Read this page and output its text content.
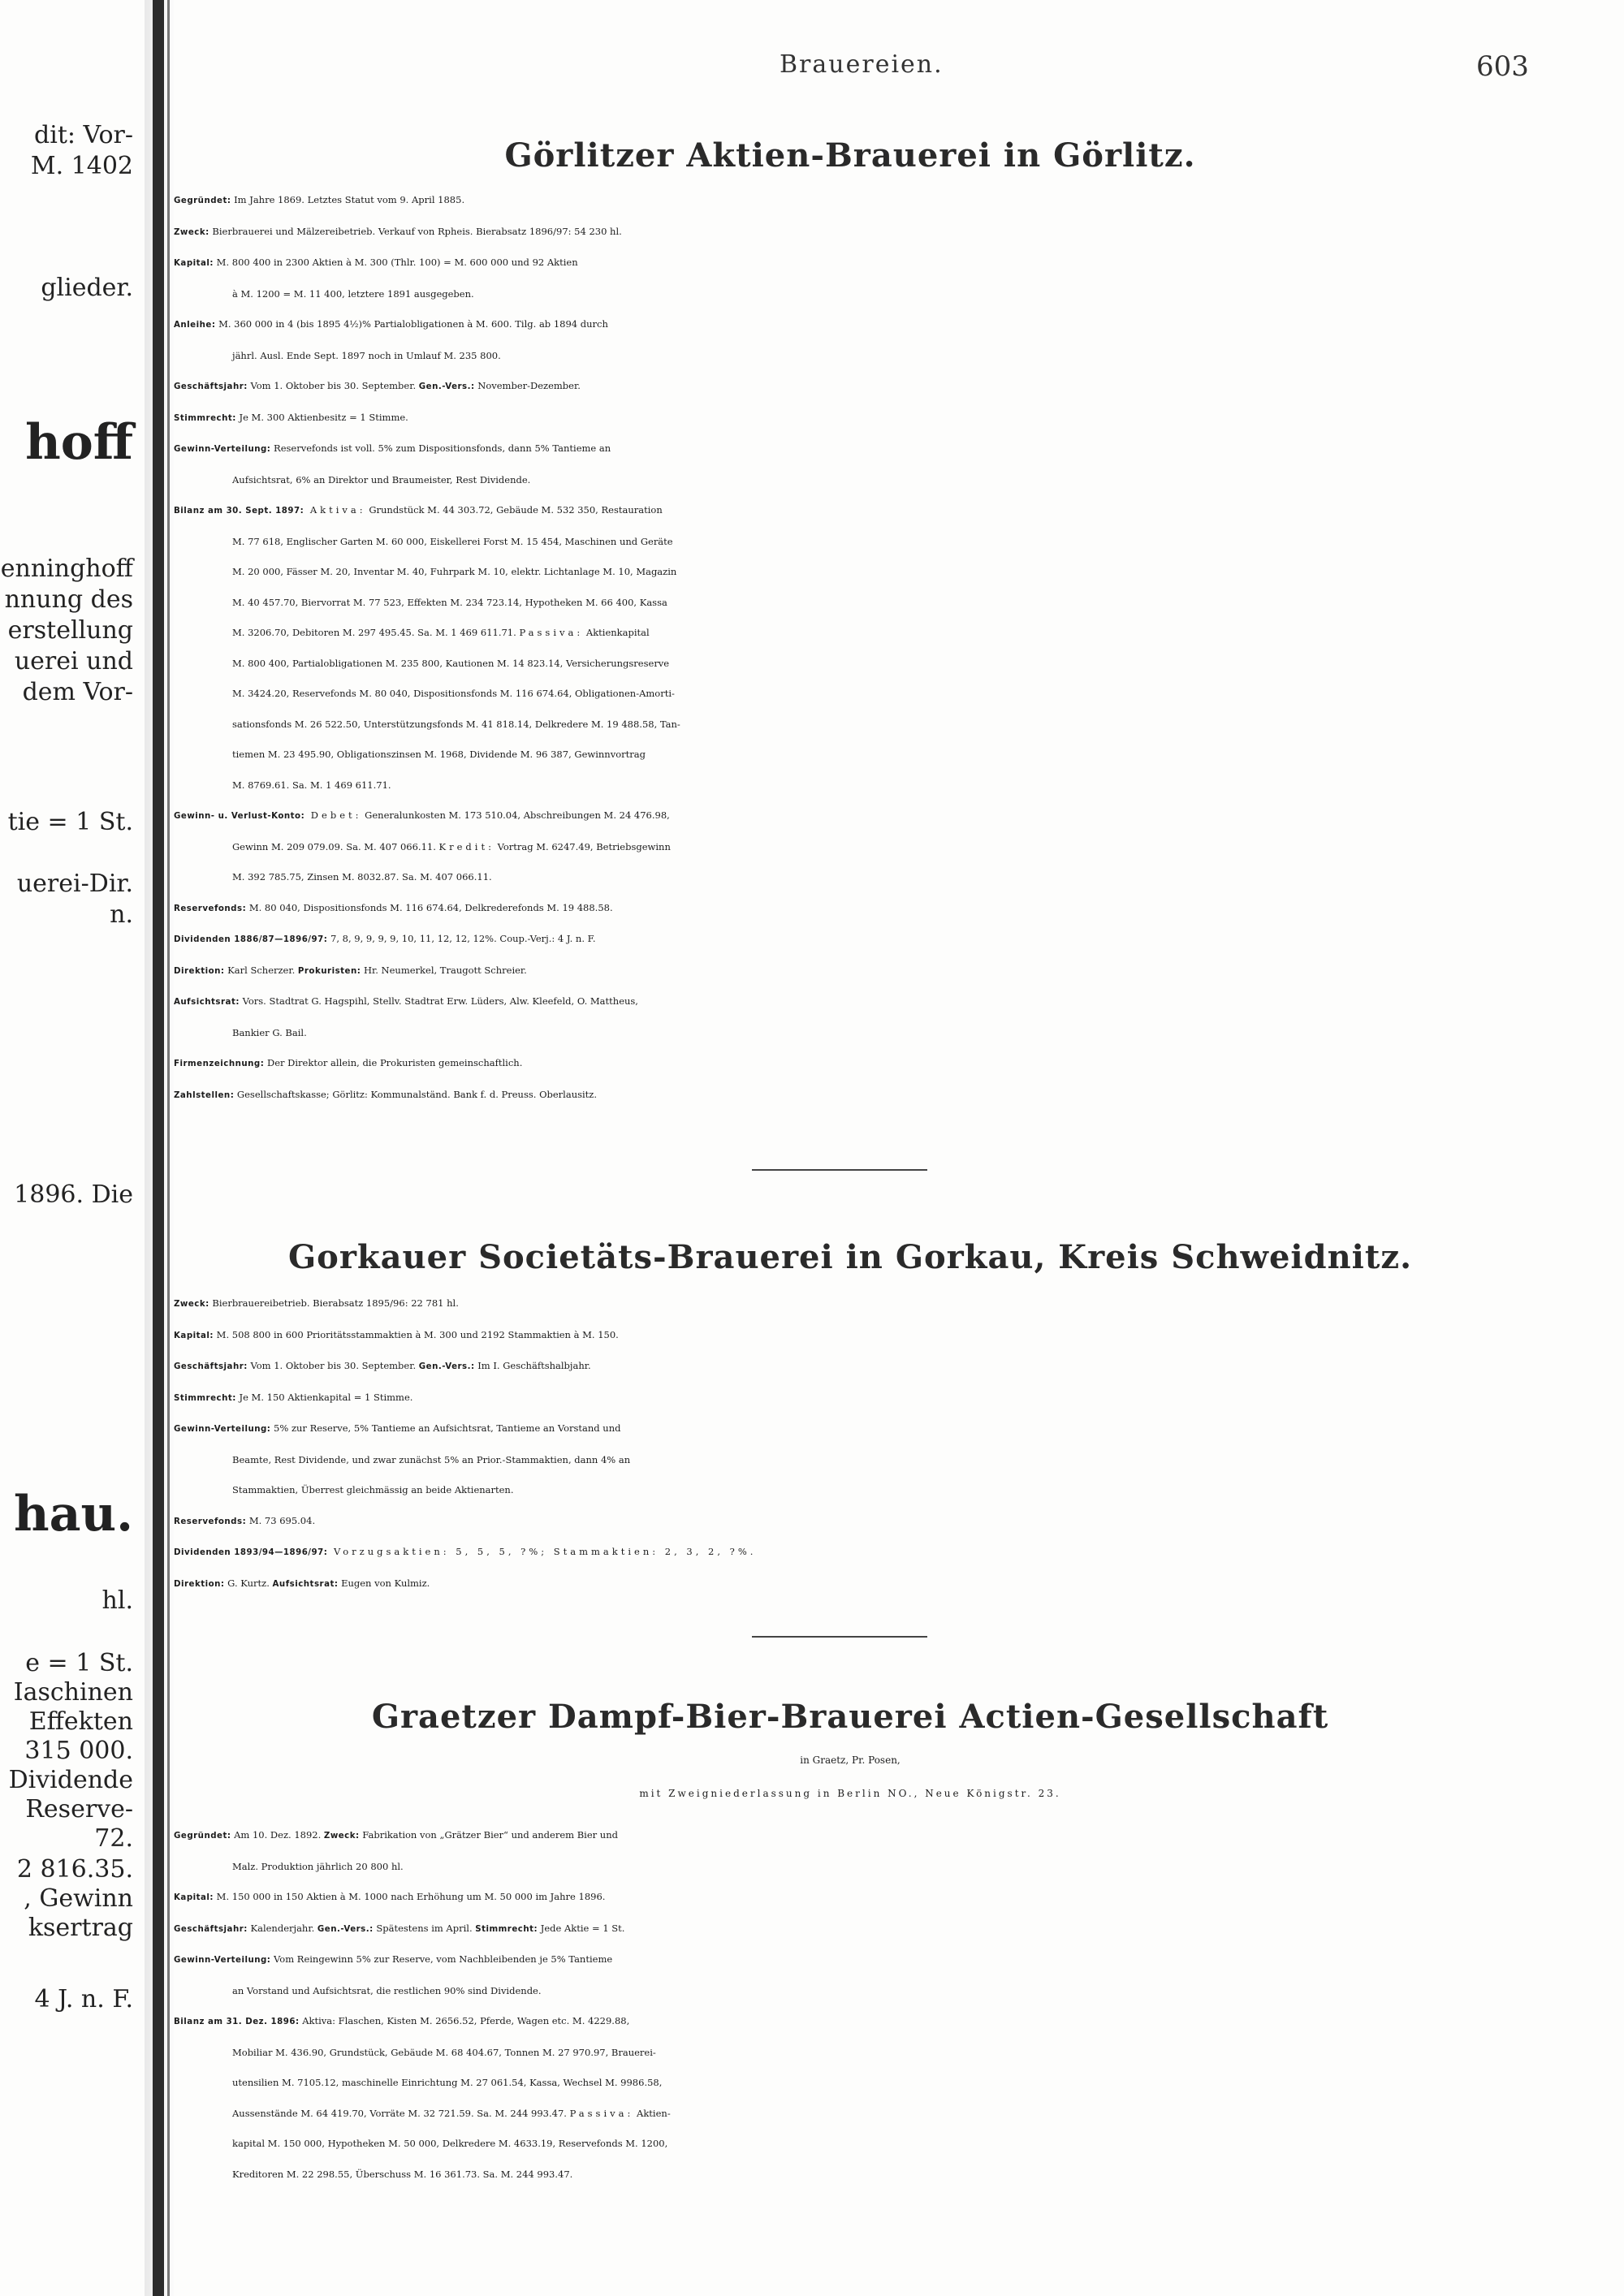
dit: Vor-
M. 1402
glieder.
hoff
enninghoff
nnung des
erstellung
uerei und
dem Vor-
tie = 1 St.
uerei-Dir.
n.
1896. Die
hau.
hl.
e = 1 St.
Iaschinen
Effekten
315 000.
Dividende
Reserve-
72.
2 816.35.
, Gewinn
ksertrag
4 J. n. F.
Brauereien.	603
Görlitzer Aktien-Brauerei in Görlitz.
Gegründet: Im Jahre 1869. Letztes Statut vom 9. April 1885.
Zweck: Bierbrauerei und Mälzereibetrieb. Verkauf von Rpheis. Bierabsatz 1896/97: 54 230 hl.
Kapital: M. 800 400 in 2300 Aktien à M. 300 (Thlr. 100) = M. 600 000 und 92 Aktien
à M. 1200 = M. 11 400, letztere 1891 ausgegeben.
Anleihe: M. 360 000 in 4 (bis 1895 4½)% Partialobligationen à M. 600. Tilg. ab 1894 durch
jährl. Ausl. Ende Sept. 1897 noch in Umlauf M. 235 800.
Geschäftsjahr: Vom 1. Oktober bis 30. September. Gen.-Vers.: November-Dezember.
Stimmrecht: Je M. 300 Aktienbesitz = 1 Stimme.
Gewinn-Verteilung: Reservefonds ist voll. 5% zum Dispositionsfonds, dann 5% Tantieme an
Aufsichtsrat, 6% an Direktor und Braumeister, Rest Dividende.
Bilanz am 30. Sept. 1897: Aktiva: Grundstück M. 44 303.72, Gebäude M. 532 350, Restauration
M. 77 618, Englischer Garten M. 60 000, Eiskellerei Forst M. 15 454, Maschinen und Geräte
M. 20 000, Fässer M. 20, Inventar M. 40, Fuhrpark M. 10, elektr. Lichtanlage M. 10, Magazin
M. 40 457.70, Biervorrat M. 77 523, Effekten M. 234 723.14, Hypotheken M. 66 400, Kassa
M. 3206.70, Debitoren M. 297 495.45. Sa. M. 1 469 611.71. Passiva: Aktienkapital
M. 800 400, Partialobligationen M. 235 800, Kautionen M. 14 823.14, Versicherungsreserve
M. 3424.20, Reservefonds M. 80 040, Dispositionsfonds M. 116 674.64, Obligationen-Amorti-
sationsfonds M. 26 522.50, Unterstützungsfonds M. 41 818.14, Delkredere M. 19 488.58, Tan-
tiemen M. 23 495.90, Obligationszinsen M. 1968, Dividende M. 96 387, Gewinnvortrag
M. 8769.61. Sa. M. 1 469 611.71.
Gewinn- u. Verlust-Konto: Debet: Generalunkosten M. 173 510.04, Abschreibungen M. 24 476.98,
Gewinn M. 209 079.09. Sa. M. 407 066.11. Kredit: Vortrag M. 6247.49, Betriebsgewinn
M. 392 785.75, Zinsen M. 8032.87. Sa. M. 407 066.11.
Reservefonds: M. 80 040, Dispositionsfonds M. 116 674.64, Delkrederefonds M. 19 488.58.
Dividenden 1886/87—1896/97: 7, 8, 9, 9, 9, 9, 10, 11, 12, 12, 12%. Coup.-Verj.: 4 J. n. F.
Direktion: Karl Scherzer. Prokuristen: Hr. Neumerkel, Traugott Schreier.
Aufsichtsrat: Vors. Stadtrat G. Hagspihl, Stellv. Stadtrat Erw. Lüders, Alw. Kleefeld, O. Mattheus,
Bankier G. Bail.
Firmenzeichnung: Der Direktor allein, die Prokuristen gemeinschaftlich.
Zahlstellen: Gesellschaftskasse; Görlitz: Kommunalständ. Bank f. d. Preuss. Oberlausitz.
Gorkauer Societäts-Brauerei in Gorkau, Kreis Schweidnitz.
Zweck: Bierbrauereibetrieb. Bierabsatz 1895/96: 22 781 hl.
Kapital: M. 508 800 in 600 Prioritätsstammaktien à M. 300 und 2192 Stammaktien à M. 150.
Geschäftsjahr: Vom 1. Oktober bis 30. September. Gen.-Vers.: Im I. Geschäftshalbjahr.
Stimmrecht: Je M. 150 Aktienkapital = 1 Stimme.
Gewinn-Verteilung: 5% zur Reserve, 5% Tantieme an Aufsichtsrat, Tantieme an Vorstand und
Beamte, Rest Dividende, und zwar zunächst 5% an Prior.-Stammaktien, dann 4% an
Stammaktien, Überrest gleichmässig an beide Aktienarten.
Reservefonds: M. 73 695.04.
Dividenden 1893/94—1896/97: Vorzugsaktien: 5, 5, 5, ?%; Stammaktien: 2, 3, 2, ?%.
Direktion: G. Kurtz. Aufsichtsrat: Eugen von Kulmiz.
Graetzer Dampf-Bier-Brauerei Actien-Gesellschaft
in Graetz, Pr. Posen,
mit Zweigniederlassung in Berlin NO., Neue Königstr. 23.
Gegründet: Am 10. Dez. 1892. Zweck: Fabrikation von „Grätzer Bier“ und anderem Bier und
Malz. Produktion jährlich 20 800 hl.
Kapital: M. 150 000 in 150 Aktien à M. 1000 nach Erhöhung um M. 50 000 im Jahre 1896.
Geschäftsjahr: Kalenderjahr. Gen.-Vers.: Spätestens im April. Stimmrecht: Jede Aktie = 1 St.
Gewinn-Verteilung: Vom Reingewinn 5% zur Reserve, vom Nachbleibenden je 5% Tantieme
an Vorstand und Aufsichtsrat, die restlichen 90% sind Dividende.
Bilanz am 31. Dez. 1896: Aktiva: Flaschen, Kisten M. 2656.52, Pferde, Wagen etc. M. 4229.88,
Mobiliar M. 436.90, Grundstück, Gebäude M. 68 404.67, Tonnen M. 27 970.97, Brauerei-
utensilien M. 7105.12, maschinelle Einrichtung M. 27 061.54, Kassa, Wechsel M. 9986.58,
Aussenstände M. 64 419.70, Vorräte M. 32 721.59. Sa. M. 244 993.47. Passiva: Aktien-
kapital M. 150 000, Hypotheken M. 50 000, Delkredere M. 4633.19, Reservefonds M. 1200,
Kreditoren M. 22 298.55, Überschuss M. 16 361.73. Sa. M. 244 993.47.
